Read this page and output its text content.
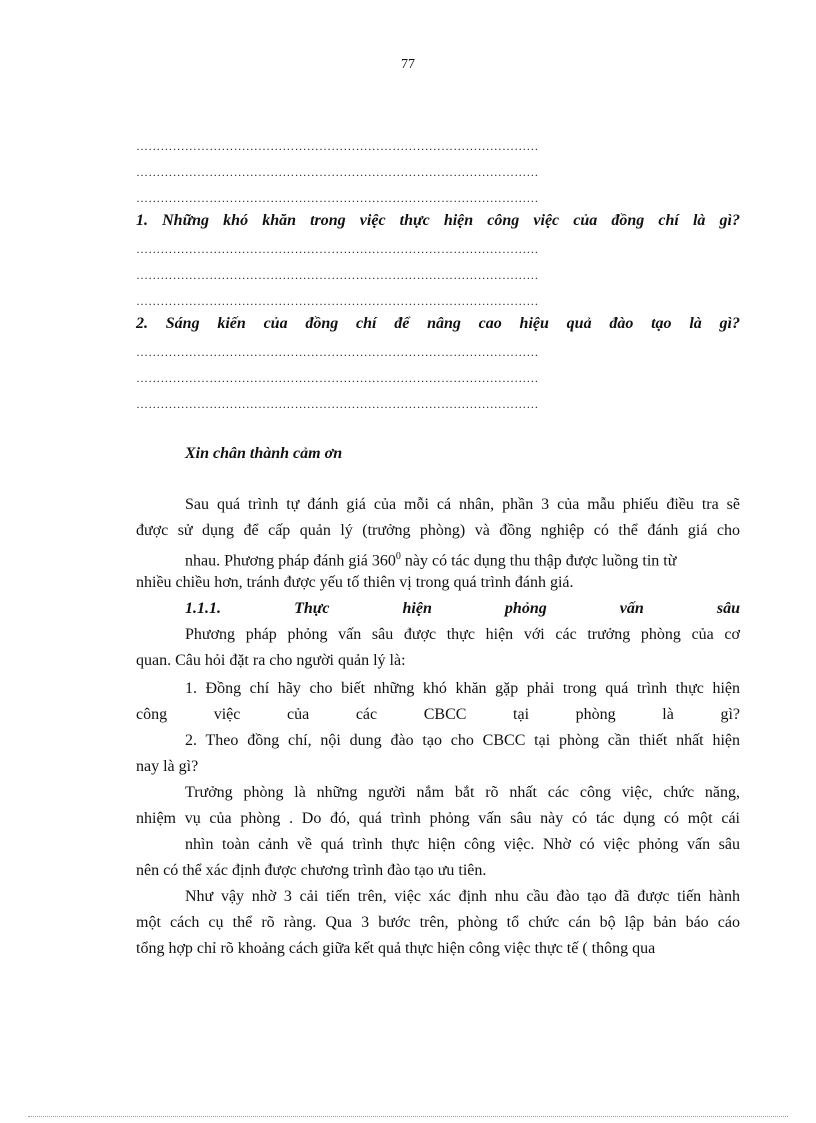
77
………………………………………………………………………………………
………………………………………………………………………………………
………………………………………………………………………………………
1. Những khó khăn trong việc thực hiện công việc của đồng chí là gì?
………………………………………………………………………………………
………………………………………………………………………………………
………………………………………………………………………………………
2. Sáng kiến của đồng chí để nâng cao hiệu quả đào tạo là gì?
………………………………………………………………………………………
………………………………………………………………………………………
………………………………………………………………………………………
Xin chân thành cảm ơn
Sau quá trình tự đánh giá của mỗi cá nhân, phần 3 của mẫu phiếu điều tra sẽ
được sử dụng để cấp quản lý (trưởng phòng) và đồng nghiệp có thể đánh giá cho
nhau. Phương pháp đánh giá $360^0$ này có tác dụng thu thập được luồng tin từ
nhiều chiều hơn, tránh được yếu tố thiên vị trong quá trình đánh giá.
1.1.1. Thực hiện phỏng vấn sâu
Phương pháp phỏng vấn sâu được thực hiện với các trưởng phòng của cơ
quan. Câu hỏi đặt ra cho người quản lý là:
1. Đồng chí hãy cho biết những khó khăn gặp phải trong quá trình thực hiện
công việc của các CBCC tại phòng là gì?
2. Theo đồng chí, nội dung đào tạo cho CBCC tại phòng cần thiết nhất hiện
nay là gì?
Trưởng phòng là những người nắm bắt rõ nhất các công việc, chức năng,
nhiệm vụ của phòng . Do đó, quá trình phỏng vấn sâu này có tác dụng có một cái
nhìn toàn cảnh về quá trình thực hiện công việc. Nhờ có việc phỏng vấn sâu
nên có thể xác định được chương trình đào tạo ưu tiên.
Như vậy nhờ 3 cải tiến trên, việc xác định nhu cầu đào tạo đã được tiến hành
một cách cụ thể rõ ràng. Qua 3 bước trên, phòng tổ chức cán bộ lập bản báo cáo
tổng hợp chỉ rõ khoảng cách giữa kết quả thực hiện công việc thực tế ( thông qua
